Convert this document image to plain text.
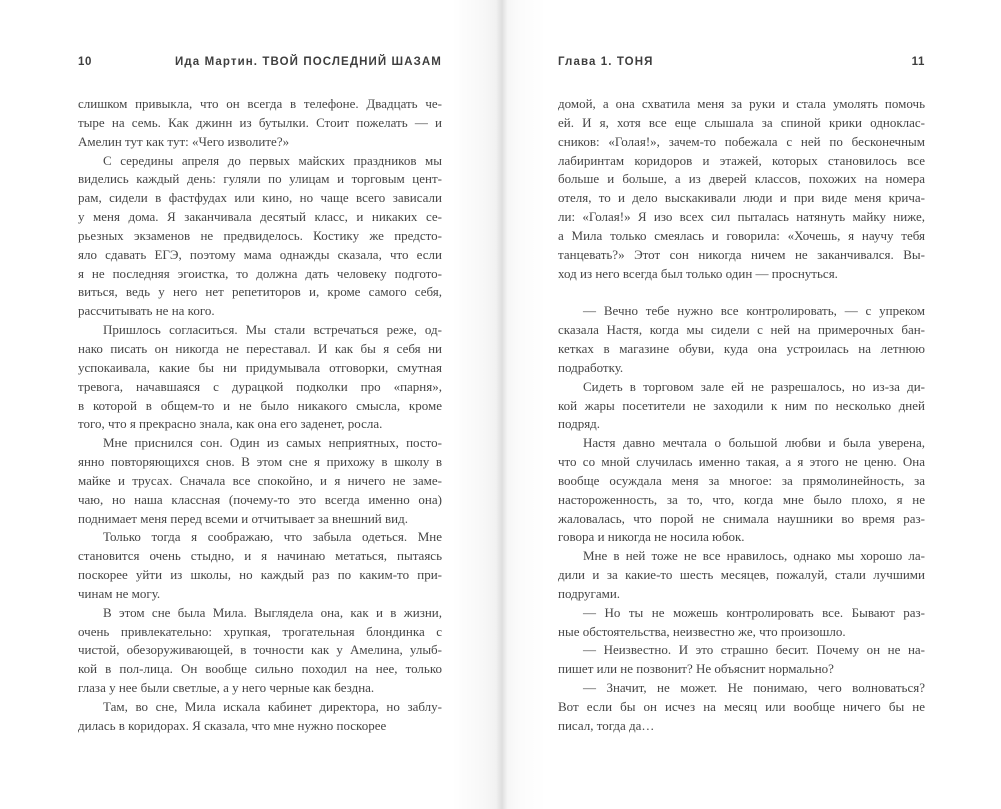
10	Ида Мартин. ТВОЙ ПОСЛЕДНИЙ ШАЗАМ
слишком привыкла, что он всегда в телефоне. Двадцать че-
тыре на семь. Как джинн из бутылки. Стоит пожелать — и
Амелин тут как тут: «Чего изволите?»
С середины апреля до первых майских праздников мы
виделись каждый день: гуляли по улицам и торговым цент-
рам, сидели в фастфудах или кино, но чаще всего зависали
у меня дома. Я заканчивала десятый класс, и никаких се-
рьезных экзаменов не предвиделось. Костику же предсто-
яло сдавать ЕГЭ, поэтому мама однажды сказала, что если
я не последняя эгоистка, то должна дать человеку подгото-
виться, ведь у него нет репетиторов и, кроме самого себя,
рассчитывать не на кого.
Пришлось согласиться. Мы стали встречаться реже, од-
нако писать он никогда не переставал. И как бы я себя ни
успокаивала, какие бы ни придумывала отговорки, смутная
тревога, начавшаяся с дурацкой подколки про «парня»,
в которой в общем-то и не было никакого смысла, кроме
того, что я прекрасно знала, как она его заденет, росла.
Мне приснился сон. Один из самых неприятных, посто-
янно повторяющихся снов. В этом сне я прихожу в школу в
майке и трусах. Сначала все спокойно, и я ничего не заме-
чаю, но наша классная (почему-то это всегда именно она)
поднимает меня перед всеми и отчитывает за внешний вид.
Только тогда я соображаю, что забыла одеться. Мне
становится очень стыдно, и я начинаю метаться, пытаясь
поскорее уйти из школы, но каждый раз по каким-то при-
чинам не могу.
В этом сне была Мила. Выглядела она, как и в жизни,
очень привлекательно: хрупкая, трогательная блондинка с
чистой, обезоруживающей, в точности как у Амелина, улыб-
кой в пол-лица. Он вообще сильно походил на нее, только
глаза у нее были светлые, а у него черные как бездна.
Там, во сне, Мила искала кабинет директора, но заблу-
дилась в коридорах. Я сказала, что мне нужно поскорее
Глава 1. ТОНЯ	11
домой, а она схватила меня за руки и стала умолять помочь
ей. И я, хотя все еще слышала за спиной крики одноклас-
сников: «Голая!», зачем-то побежала с ней по бесконечным
лабиринтам коридоров и этажей, которых становилось все
больше и больше, а из дверей классов, похожих на номера
отеля, то и дело выскакивали люди и при виде меня крича-
ли: «Голая!» Я изо всех сил пыталась натянуть майку ниже,
а Мила только смеялась и говорила: «Хочешь, я научу тебя
танцевать?» Этот сон никогда ничем не заканчивался. Вы-
ход из него всегда был только один — проснуться.
— Вечно тебе нужно все контролировать, — с упреком
сказала Настя, когда мы сидели с ней на примерочных бан-
кетках в магазине обуви, куда она устроилась на летнюю
подработку.
Сидеть в торговом зале ей не разрешалось, но из-за ди-
кой жары посетители не заходили к ним по несколько дней
подряд.
Настя давно мечтала о большой любви и была уверена,
что со мной случилась именно такая, а я этого не ценю. Она
вообще осуждала меня за многое: за прямолинейность, за
настороженность, за то, что, когда мне было плохо, я не
жаловалась, что порой не снимала наушники во время раз-
говора и никогда не носила юбок.
Мне в ней тоже не все нравилось, однако мы хорошо ла-
дили и за какие-то шесть месяцев, пожалуй, стали лучшими
подругами.
— Но ты не можешь контролировать все. Бывают раз-
ные обстоятельства, неизвестно же, что произошло.
— Неизвестно. И это страшно бесит. Почему он не на-
пишет или не позвонит? Не объяснит нормально?
— Значит, не может. Не понимаю, чего волноваться?
Вот если бы он исчез на месяц или вообще ничего бы не
писал, тогда да…
